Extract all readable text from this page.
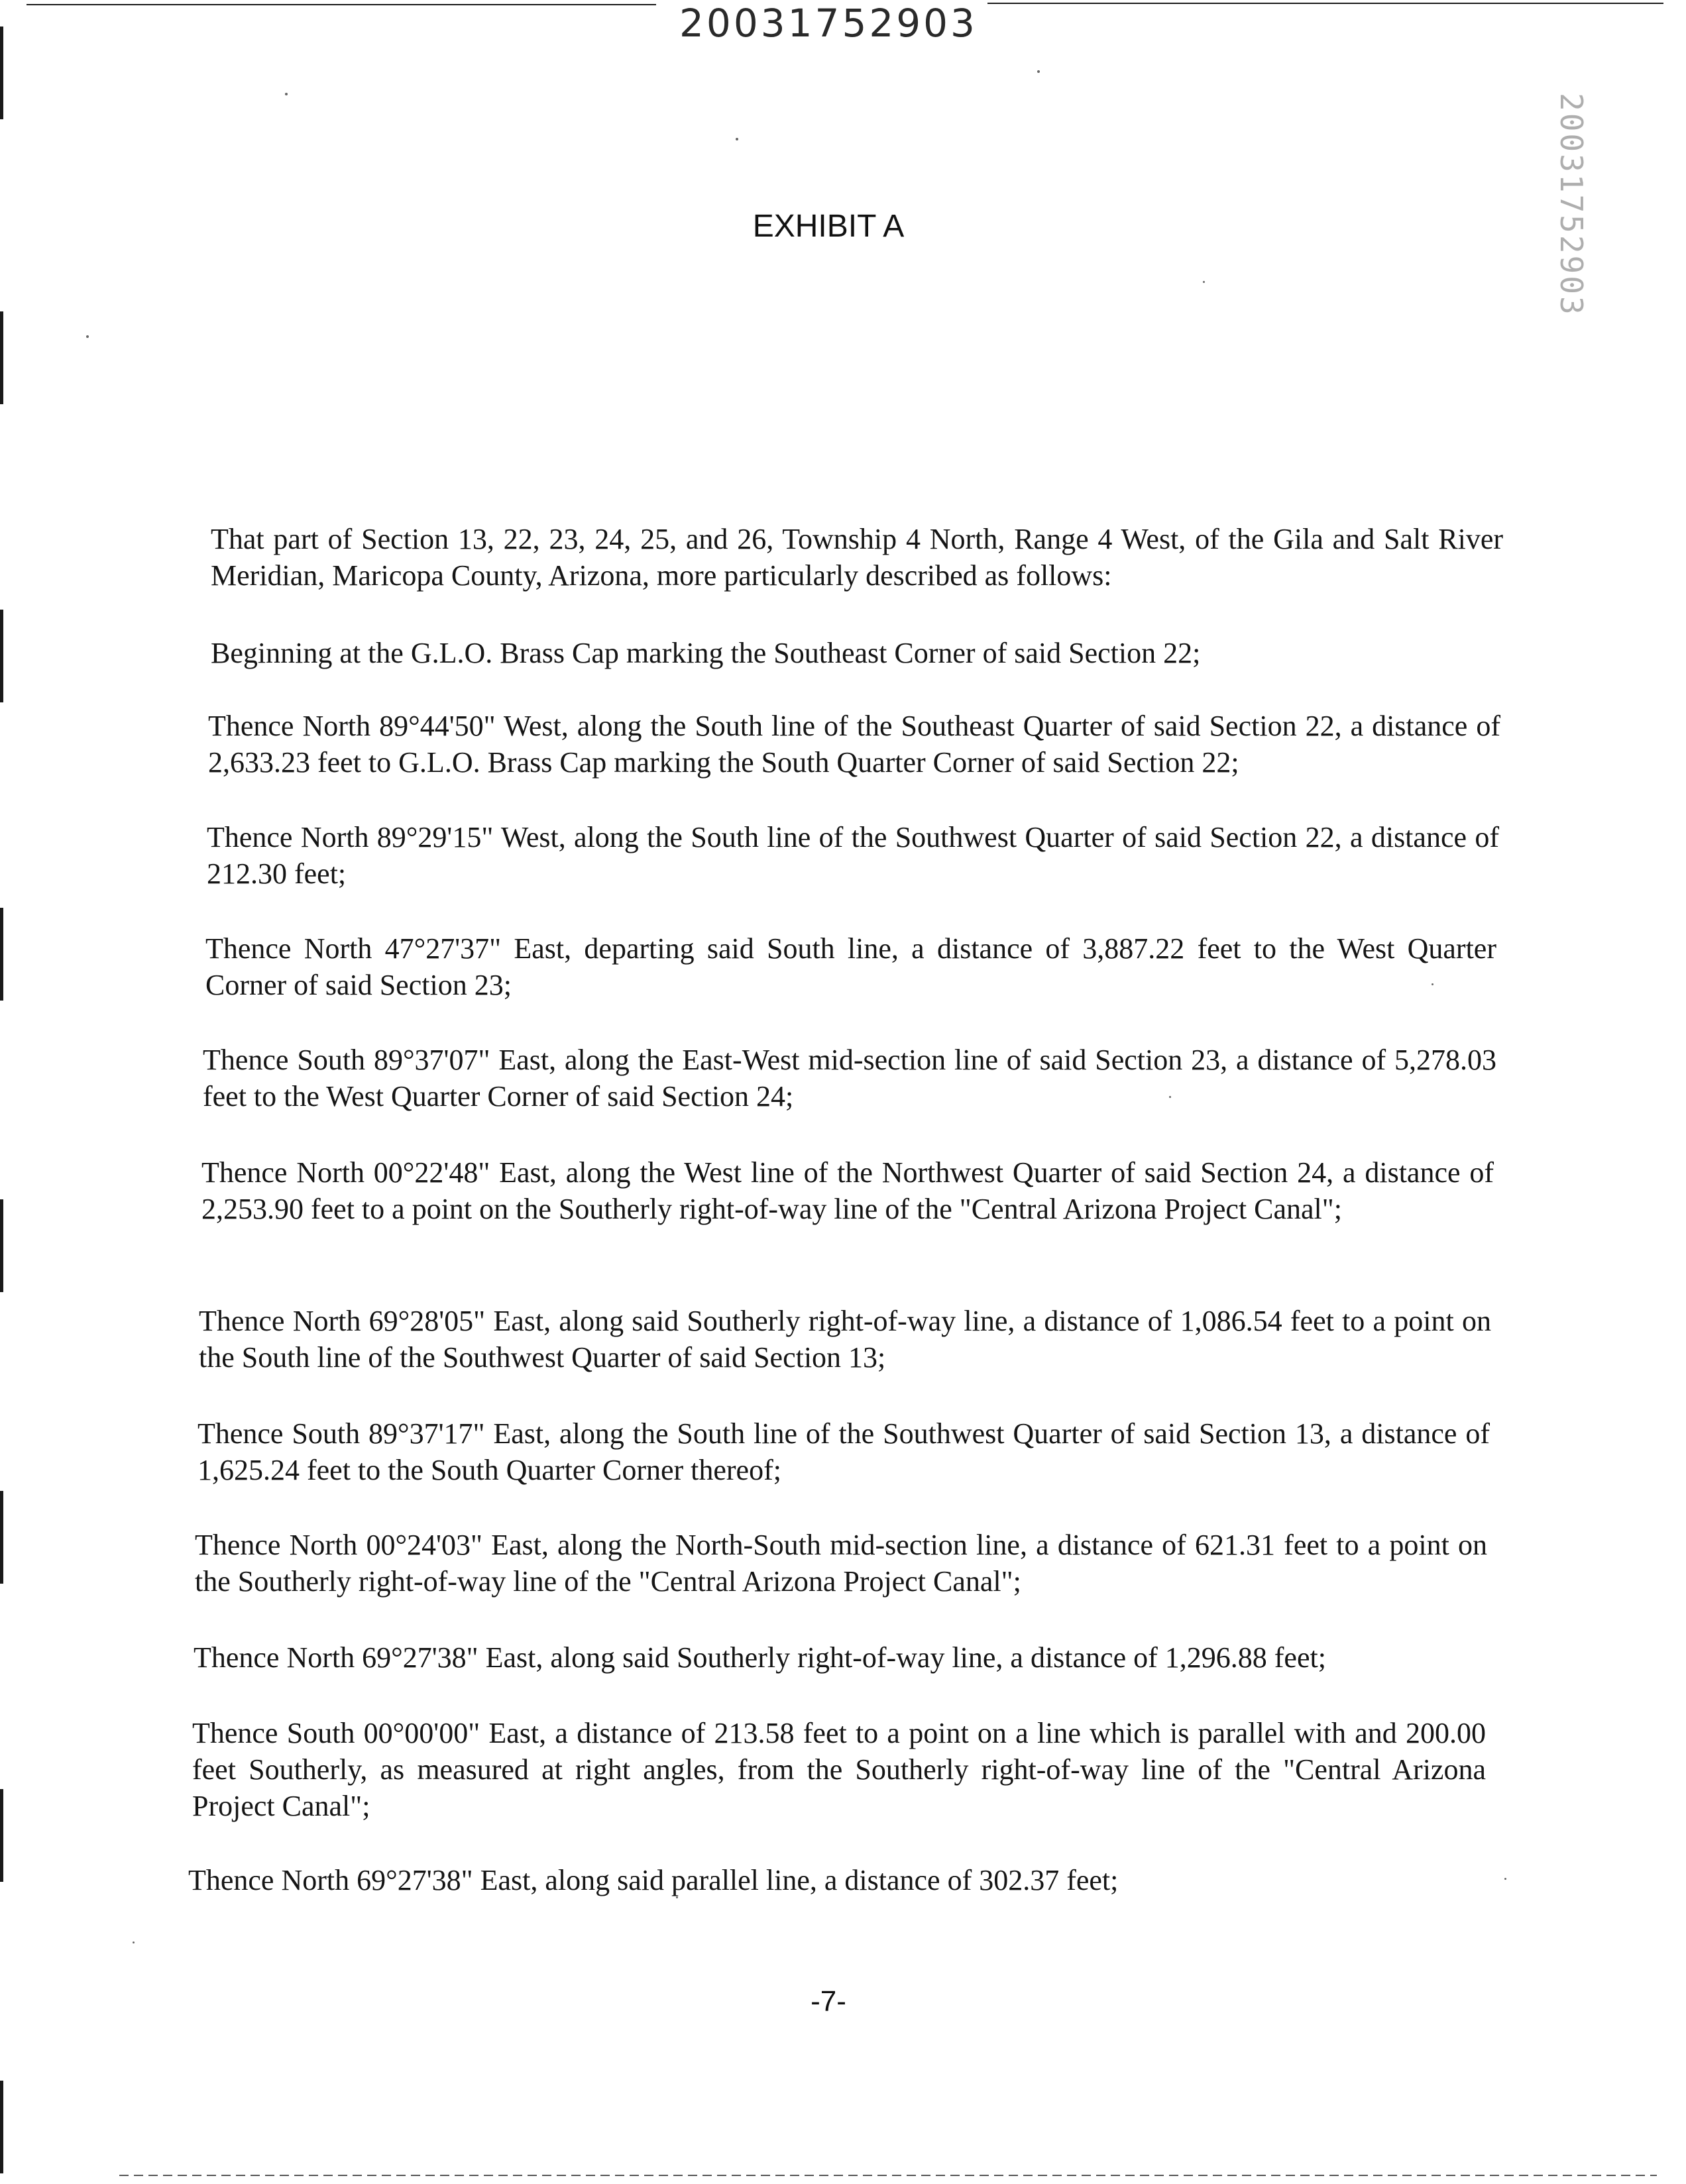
20031752903
20031752903
EXHIBIT A

That part of Section 13, 22, 23, 24, 25, and 26, Township 4 North, Range 4 West, of the Gila and Salt River Meridian, Maricopa County, Arizona, more particularly described as follows:

Beginning at the G.L.O. Brass Cap marking the Southeast Corner of said Section 22;

Thence North 89°44'50" West, along the South line of the Southeast Quarter of said Section 22, a distance of 2,633.23 feet to G.L.O. Brass Cap marking the South Quarter Corner of said Section 22;

Thence North 89°29'15" West, along the South line of the Southwest Quarter of said Section 22, a distance of 212.30 feet;

Thence North 47°27'37" East, departing said South line, a distance of 3,887.22 feet to the West Quarter Corner of said Section 23;

Thence South 89°37'07" East, along the East-West mid-section line of said Section 23, a distance of 5,278.03 feet to the West Quarter Corner of said Section 24;

Thence North 00°22'48" East, along the West line of the Northwest Quarter of said Section 24, a distance of 2,253.90 feet to a point on the Southerly right-of-way line of the "Central Arizona Project Canal";

Thence North 69°28'05" East, along said Southerly right-of-way line, a distance of 1,086.54 feet to a point on the South line of the Southwest Quarter of said Section 13;

Thence South 89°37'17" East, along the South line of the Southwest Quarter of said Section 13, a distance of 1,625.24 feet to the South Quarter Corner thereof;

Thence North 00°24'03" East, along the North-South mid-section line, a distance of 621.31 feet to a point on the Southerly right-of-way line of the "Central Arizona Project Canal";

Thence North 69°27'38" East, along said Southerly right-of-way line, a distance of 1,296.88 feet;

Thence South 00°00'00" East, a distance of 213.58 feet to a point on a line which is parallel with and 200.00 feet Southerly, as measured at right angles, from the Southerly right-of-way line of the "Central Arizona Project Canal";

Thence North 69°27'38" East, along said parallel line, a distance of 302.37 feet;

-7-
